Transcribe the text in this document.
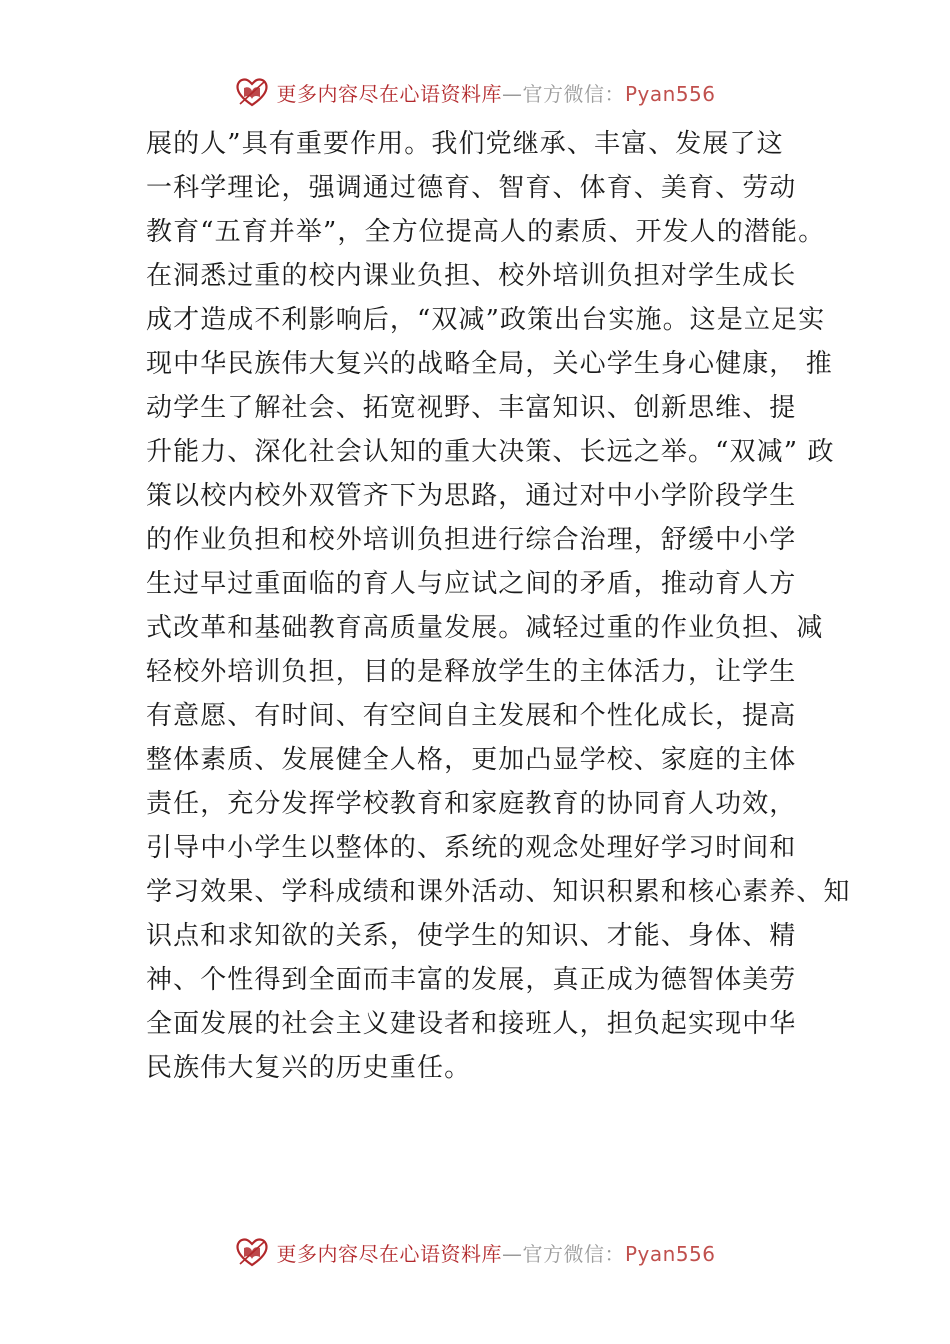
更多内容尽在心语资料库—官方微信：Pyan556
展的人”具有重要作用。我们党继承、丰富、发展了这
一科学理论，强调通过德育、智育、体育、美育、劳动
教育“五育并举”，全方位提高人的素质、开发人的潜能。
在洞悉过重的校内课业负担、校外培训负担对学生成长
成才造成不利影响后，“双减”政策出台实施。这是立足实
现中华民族伟大复兴的战略全局，关心学生身心健康， 推
动学生了解社会、拓宽视野、丰富知识、创新思维、提
升能力、深化社会认知的重大决策、长远之举。“双减” 政
策以校内校外双管齐下为思路，通过对中小学阶段学生
的作业负担和校外培训负担进行综合治理，舒缓中小学
生过早过重面临的育人与应试之间的矛盾，推动育人方
式改革和基础教育高质量发展。减轻过重的作业负担、减
轻校外培训负担，目的是释放学生的主体活力，让学生
有意愿、有时间、有空间自主发展和个性化成长，提高
整体素质、发展健全人格，更加凸显学校、家庭的主体
责任，充分发挥学校教育和家庭教育的协同育人功效，
引导中小学生以整体的、系统的观念处理好学习时间和
学习效果、学科成绩和课外活动、知识积累和核心素养、知
识点和求知欲的关系，使学生的知识、才能、身体、精
神、个性得到全面而丰富的发展，真正成为德智体美劳
全面发展的社会主义建设者和接班人，担负起实现中华
民族伟大复兴的历史重任。
更多内容尽在心语资料库—官方微信：Pyan556
